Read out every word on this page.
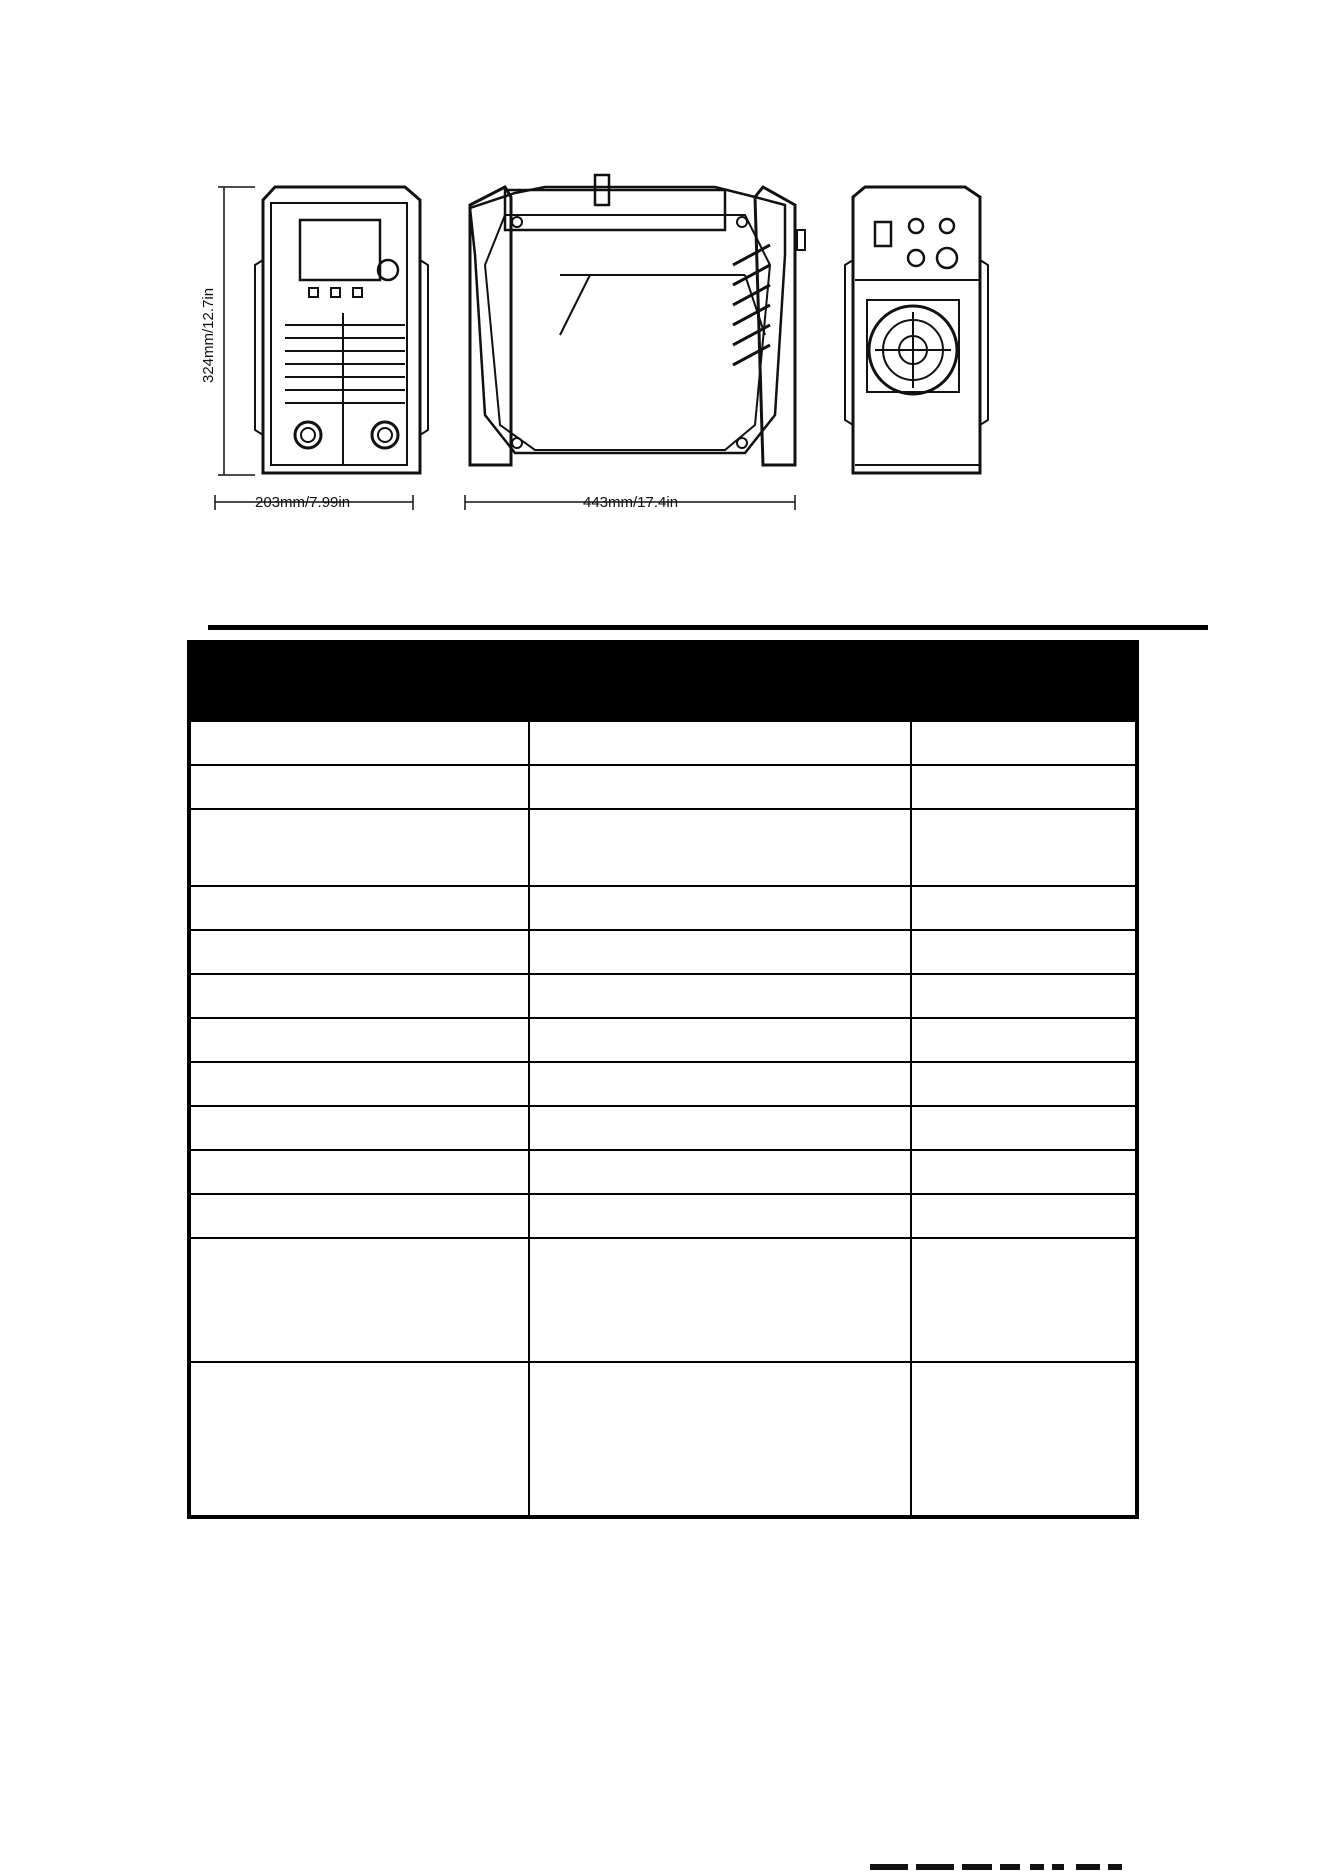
324mm/12.7in
203mm/7.99in	443mm/17.4in
